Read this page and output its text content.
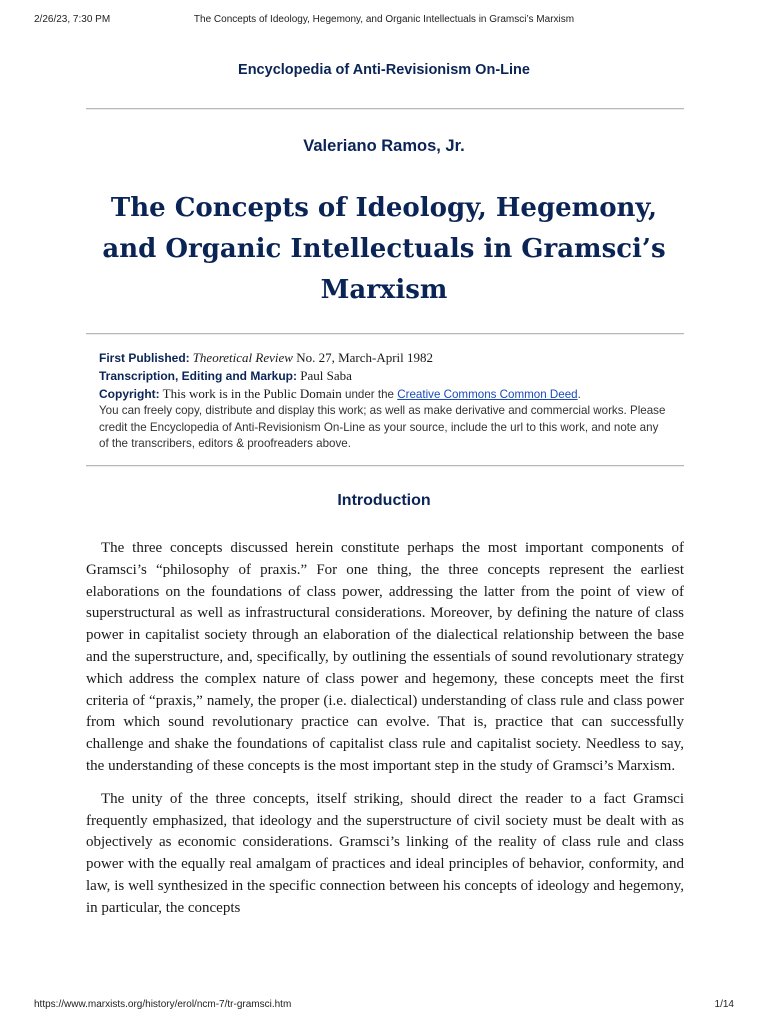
2/26/23, 7:30 PM	The Concepts of Ideology, Hegemony, and Organic Intellectuals in Gramsci’s Marxism
Encyclopedia of Anti-Revisionism On-Line
Valeriano Ramos, Jr.
The Concepts of Ideology, Hegemony, and Organic Intellectuals in Gramsci’s Marxism
First Published: Theoretical Review No. 27, March-April 1982
Transcription, Editing and Markup: Paul Saba
Copyright: This work is in the Public Domain under the Creative Commons Common Deed.
You can freely copy, distribute and display this work; as well as make derivative and commercial works. Please credit the Encyclopedia of Anti-Revisionism On-Line as your source, include the url to this work, and note any of the transcribers, editors & proofreaders above.
Introduction

The three concepts discussed herein constitute perhaps the most important components of Gramsci’s “philosophy of praxis.” For one thing, the three concepts represent the earliest elaborations on the foundations of class power, addressing the latter from the point of view of superstructural as well as infrastructural considerations. Moreover, by defining the nature of class power in capitalist society through an elaboration of the dialectical relationship between the base and the superstructure, and, specifically, by outlining the essentials of sound revolutionary strategy which address the complex nature of class power and hegemony, these concepts meet the first criteria of “praxis,” namely, the proper (i.e. dialectical) understanding of class rule and class power from which sound revolutionary practice can evolve. That is, practice that can successfully challenge and shake the foundations of capitalist class rule and capitalist society. Needless to say, the understanding of these concepts is the most important step in the study of Gramsci’s Marxism.

The unity of the three concepts, itself striking, should direct the reader to a fact Gramsci frequently emphasized, that ideology and the superstructure of civil society must be dealt with as objectively as economic considerations. Gramsci’s linking of the reality of class rule and class power with the equally real amalgam of practices and ideal principles of behavior, conformity, and law, is well synthesized in the specific connection between his concepts of ideology and hegemony, in particular, the concepts

https://www.marxists.org/history/erol/ncm-7/tr-gramsci.htm	1/14
